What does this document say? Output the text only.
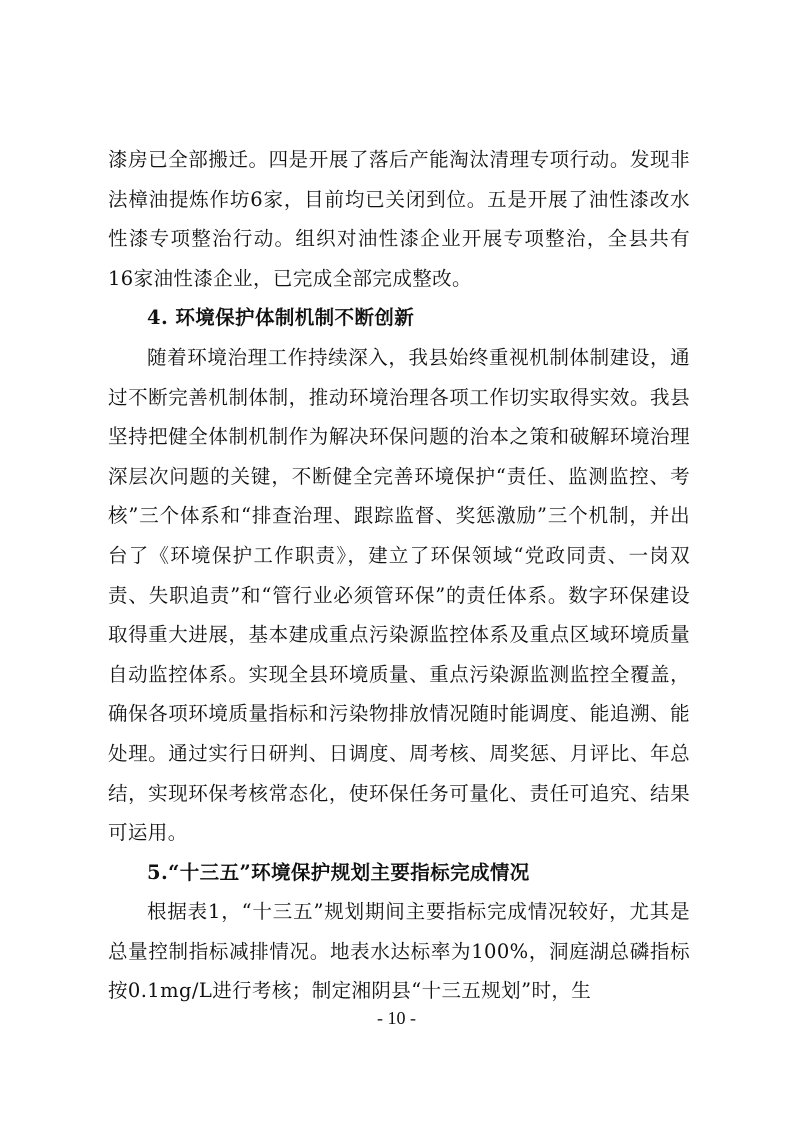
漆房已全部搬迁。四是开展了落后产能淘汰清理专项行动。发现非法樟油提炼作坊6家，目前均已关闭到位。五是开展了油性漆改水性漆专项整治行动。组织对油性漆企业开展专项整治，全县共有16家油性漆企业，已完成全部完成整改。

4. 环境保护体制机制不断创新

随着环境治理工作持续深入，我县始终重视机制体制建设，通过不断完善机制体制，推动环境治理各项工作切实取得实效。我县坚持把健全体制机制作为解决环保问题的治本之策和破解环境治理深层次问题的关键，不断健全完善环境保护“责任、监测监控、考核”三个体系和“排查治理、跟踪监督、奖惩激励”三个机制，并出台了《环境保护工作职责》，建立了环保领域“党政同责、一岗双责、失职追责”和“管行业必须管环保”的责任体系。数字环保建设取得重大进展，基本建成重点污染源监控体系及重点区域环境质量自动监控体系。实现全县环境质量、重点污染源监测监控全覆盖，确保各项环境质量指标和污染物排放情况随时能调度、能追溯、能处理。通过实行日研判、日调度、周考核、周奖惩、月评比、年总结，实现环保考核常态化，使环保任务可量化、责任可追究、结果可运用。

5.“十三五”环境保护规划主要指标完成情况

根据表1，“十三五”规划期间主要指标完成情况较好，尤其是总量控制指标减排情况。地表水达标率为100%，洞庭湖总磷指标按0.1mg/L进行考核；制定湘阴县“十三五规划”时，生

- 10 -
